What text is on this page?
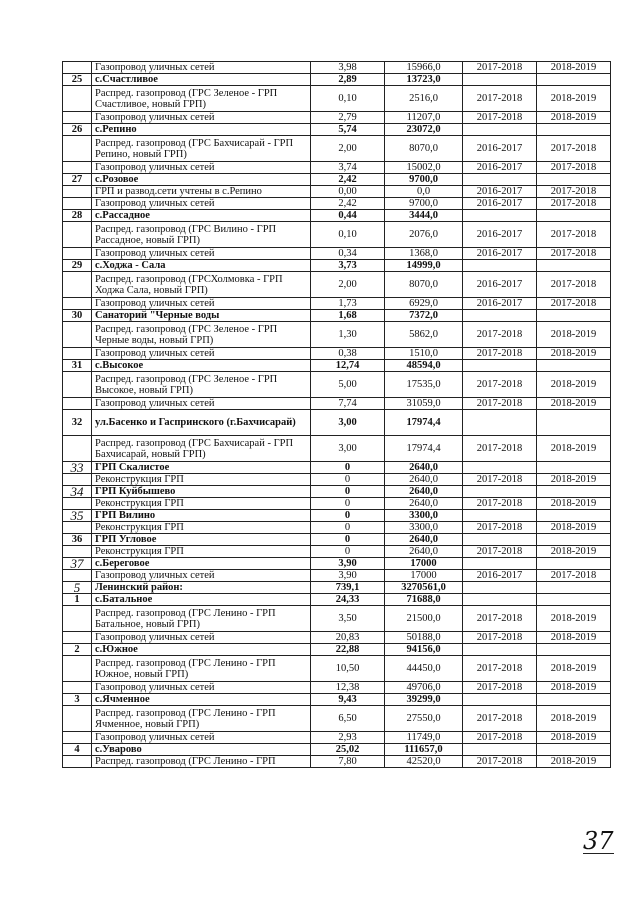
	Газопровод уличных сетей	3,98	15966,0	2017-2018	2018-2019
25	с.Счастливое	2,89	13723,0		
	Распред. газопровод (ГРС Зеленое - ГРП Счастливое, новый ГРП)	0,10	2516,0	2017-2018	2018-2019
	Газопровод уличных сетей	2,79	11207,0	2017-2018	2018-2019
26	с.Репино	5,74	23072,0		
	Распред. газопровод (ГРС Бахчисарай - ГРП Репино, новый ГРП)	2,00	8070,0	2016-2017	2017-2018
	Газопровод уличных сетей	3,74	15002,0	2016-2017	2017-2018
27	с.Розовое	2,42	9700,0		
	ГРП и развод.сети учтены в с.Репино	0,00	0,0	2016-2017	2017-2018
	Газопровод уличных сетей	2,42	9700,0	2016-2017	2017-2018
28	с.Рассадное	0,44	3444,0		
	Распред. газопровод (ГРС Вилино - ГРП Рассадное, новый ГРП)	0,10	2076,0	2016-2017	2017-2018
	Газопровод уличных сетей	0,34	1368,0	2016-2017	2017-2018
29	с.Ходжа - Сала	3,73	14999,0		
	Распред. газопровод (ГРСХолмовка - ГРП Ходжа Сала, новый ГРП)	2,00	8070,0	2016-2017	2017-2018
	Газопровод уличных сетей	1,73	6929,0	2016-2017	2017-2018
30	Санаторий "Черные воды	1,68	7372,0		
	Распред. газопровод (ГРС Зеленое - ГРП Черные воды, новый ГРП)	1,30	5862,0	2017-2018	2018-2019
	Газопровод уличных сетей	0,38	1510,0	2017-2018	2018-2019
31	с.Высокое	12,74	48594,0		
	Распред. газопровод (ГРС Зеленое - ГРП Высокое, новый ГРП)	5,00	17535,0	2017-2018	2018-2019
	Газопровод уличных сетей	7,74	31059,0	2017-2018	2018-2019
32	ул.Басенко и Гаспринского (г.Бахчисарай)	3,00	17974,4		
	Распред. газопровод (ГРС Бахчисарай - ГРП Бахчисарай, новый ГРП)	3,00	17974,4	2017-2018	2018-2019
33	ГРП Скалистое	0	2640,0		
	Реконструкция ГРП	0	2640,0	2017-2018	2018-2019
34	ГРП Куйбышево	0	2640,0		
	Реконструкция ГРП	0	2640,0	2017-2018	2018-2019
35	ГРП Вилино	0	3300,0		
	Реконструкция ГРП	0	3300,0	2017-2018	2018-2019
36	ГРП Угловое	0	2640,0		
	Реконструкция ГРП	0	2640,0	2017-2018	2018-2019
37	с.Береговое	3,90	17000		
	Газопровод уличных сетей	3,90	17000	2016-2017	2017-2018
5	Ленинский район:	739,1	3270561,0		
1	с.Батальное	24,33	71688,0		
	Распред. газопровод (ГРС Ленино - ГРП Батальное, новый ГРП)	3,50	21500,0	2017-2018	2018-2019
	Газопровод уличных сетей	20,83	50188,0	2017-2018	2018-2019
2	с.Южное	22,88	94156,0		
	Распред. газопровод (ГРС Ленино - ГРП Южное, новый ГРП)	10,50	44450,0	2017-2018	2018-2019
	Газопровод уличных сетей	12,38	49706,0	2017-2018	2018-2019
3	с.Ячменное	9,43	39299,0		
	Распред. газопровод (ГРС Ленино - ГРП Ячменное, новый ГРП)	6,50	27550,0	2017-2018	2018-2019
	Газопровод уличных сетей	2,93	11749,0	2017-2018	2018-2019
4	с.Уварово	25,02	111657,0		
	Распред. газопровод (ГРС Ленино - ГРП	7,80	42520,0	2017-2018	2018-2019
37
